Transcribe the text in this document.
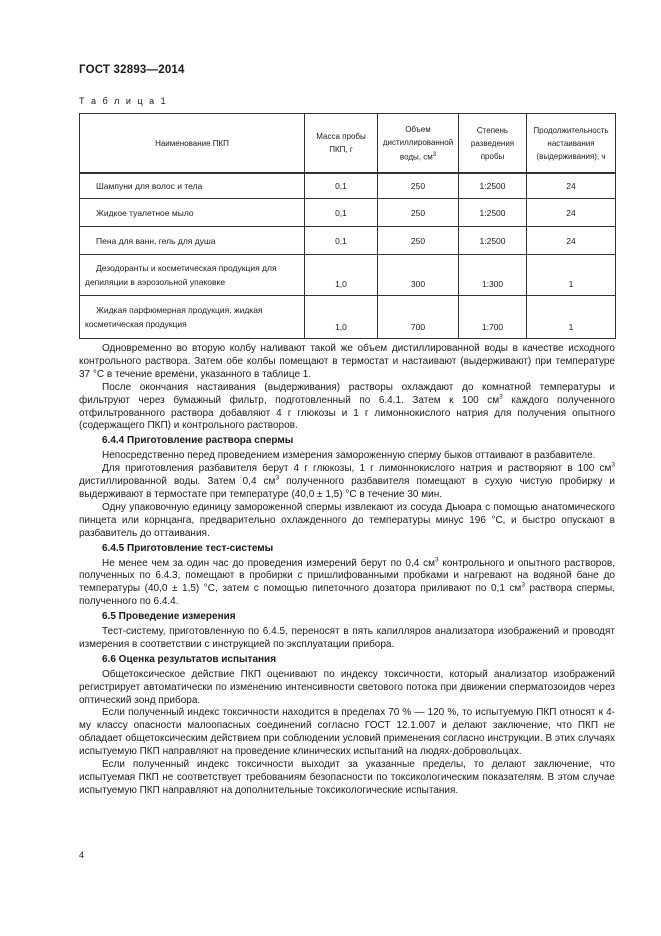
ГОСТ 32893—2014
Т а б л и ц а 1
Наименование ПКП	Масса пробы ПКП, г	Объем дистиллированной воды, $см^3$	Степень разведения пробы	Продолжительность настаивания (выдерживания), ч
Шампуни для волос и тела	0,1	250	1:2500	24
Жидкое туалетное мыло	0,1	250	1:2500	24
Пена для ванн, гель для душа	0,1	250	1:2500	24
Дезодоранты и косметическая продукция для депиляции в аэрозольной упаковке	1,0	300	1:300	1
Жидкая парфюмерная продукция, жидкая косметическая продукция	1,0	700	1:700	1

Одновременно во вторую колбу наливают такой же объем дистиллированной воды в качестве исходного контрольного раствора. Затем обе колбы помещают в термостат и настаивают (выдерживают) при температуре 37 °С в течение времени, указанного в таблице 1.

После окончания настаивания (выдерживания) растворы охлаждают до комнатной температуры и фильтруют через бумажный фильтр, подготовленный по 6.4.1. Затем к 100 $см^3$ каждого полученного отфильтрованного раствора добавляют 4 г глюкозы и 1 г лимоннокислого натрия для получения опытного (содержащего ПКП) и контрольного растворов.

6.4.4 Приготовление раствора спермы

Непосредственно перед проведением измерения замороженную сперму быков оттаивают в разбавителе.

Для приготовления разбавителя берут 4 г глюкозы, 1 г лимоннокислого натрия и растворяют в 100 $см^3$ дистиллированной воды. Затем 0,4 $см^3$ полученного разбавителя помещают в сухую чистую пробирку и выдерживают в термостате при температуре (40,0 ± 1,5) °С в течение 30 мин.

Одну упаковочную единицу замороженной спермы извлекают из сосуда Дьюара с помощью анатомического пинцета или корнцанга, предварительно охлажденного до температуры минус 196 °С, и быстро опускают в разбавитель до оттаивания.

6.4.5 Приготовление тест-системы

Не менее чем за один час до проведения измерений берут по 0,4 $см^3$ контрольного и опытного растворов, полученных по 6.4.3, помещают в пробирки с пришлифованными пробками и нагревают на водяной бане до температуры (40,0 ± 1,5) °С, затем с помощью пипеточного дозатора приливают по 0,1 $см^3$ раствора спермы, полученного по 6.4.4.

6.5 Проведение измерения

Тест-систему, приготовленную по 6.4.5, переносят в пять капилляров анализатора изображений и проводят измерения в соответствии с инструкцией по эксплуатации прибора.

6.6 Оценка результатов испытания

Общетоксическое действие ПКП оценивают по индексу токсичности, который анализатор изображений регистрирует автоматически по изменению интенсивности светового потока при движении сперматозоидов через оптический зонд прибора.

Если полученный индекс токсичности находится в пределах 70 % — 120 %, то испытуемую ПКП относят к 4-му классу опасности малоопасных соединений согласно ГОСТ 12.1.007 и делают заключение, что ПКП не обладает общетоксическим действием при соблюдении условий применения согласно инструкции. В этих случаях испытуемую ПКП направляют на проведение клинических испытаний на людях-добровольцах.

Если полученный индекс токсичности выходит за указанные пределы, то делают заключение, что испытуемая ПКП не соответствует требованиям безопасности по токсикологическим показателям. В этом случае испытуемую ПКП направляют на дополнительные токсикологические испытания.

4
